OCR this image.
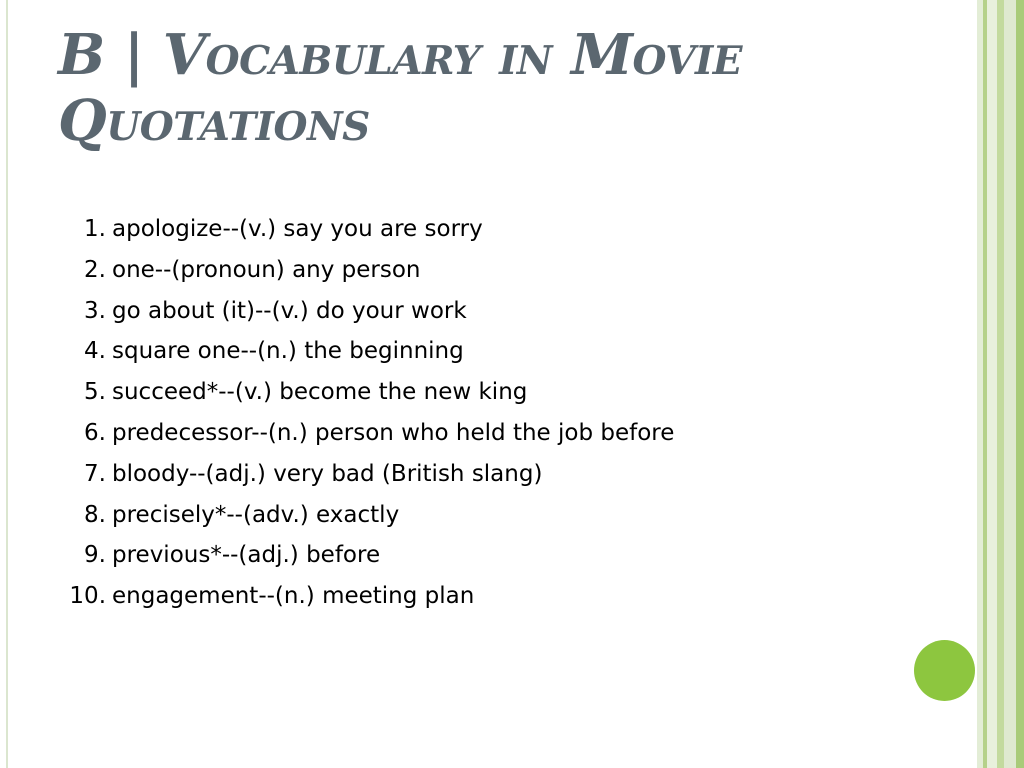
B | Vocabulary in Movie Quotations
1. apologize--(v.) say you are sorry
2. one--(pronoun) any person
3. go about (it)--(v.) do your work
4. square one--(n.) the beginning
5. succeed*--(v.) become the new king
6. predecessor--(n.) person who held the job before
7. bloody--(adj.) very bad (British slang)
8. precisely*--(adv.) exactly
9. previous*--(adj.) before
10. engagement--(n.) meeting plan
